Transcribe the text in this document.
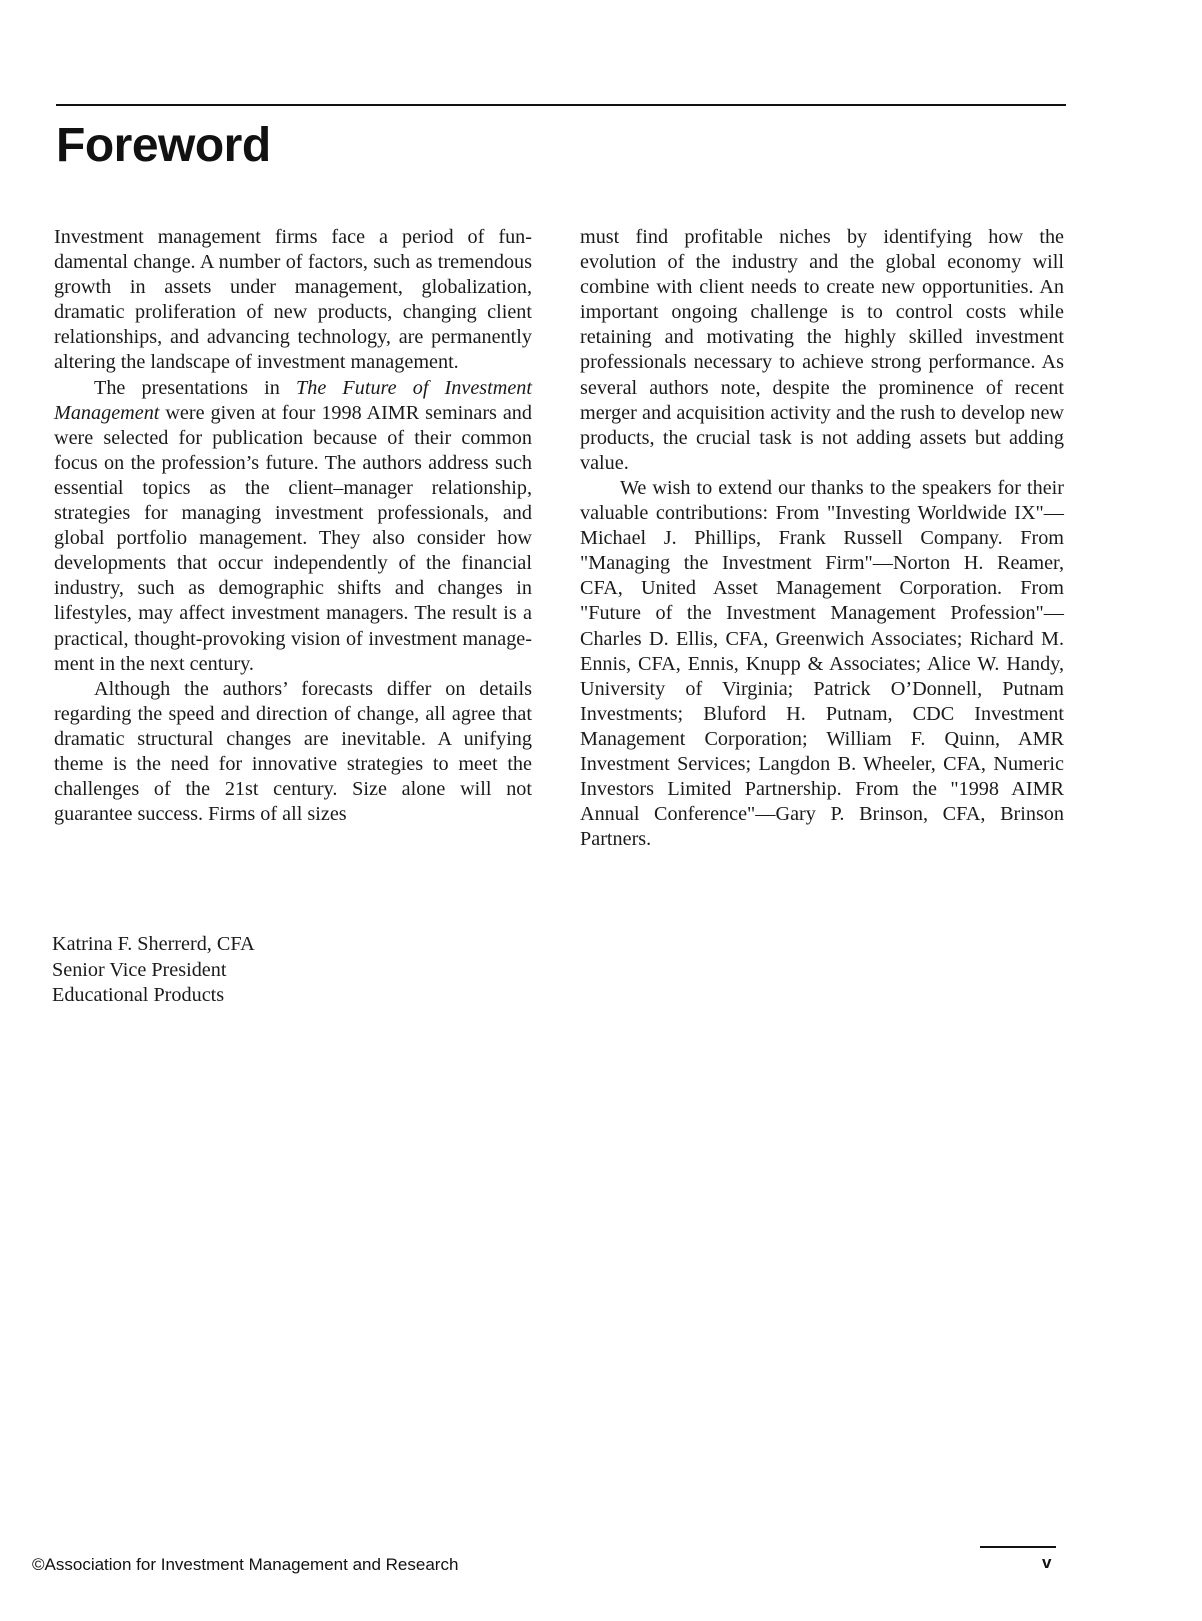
Foreword

Investment management firms face a period of fundamental change. A number of factors, such as tremendous growth in assets under management, globalization, dramatic proliferation of new products, changing client relationships, and advancing technology, are permanently altering the landscape of investment management.

The presentations in The Future of Investment Management were given at four 1998 AIMR seminars and were selected for publication because of their common focus on the profession’s future. The authors address such essential topics as the client–manager relationship, strategies for managing investment professionals, and global portfolio management. They also consider how developments that occur independently of the financial industry, such as demographic shifts and changes in lifestyles, may affect investment managers. The result is a practical, thought-provoking vision of investment management in the next century.

Although the authors’ forecasts differ on details regarding the speed and direction of change, all agree that dramatic structural changes are inevitable. A unifying theme is the need for innovative strategies to meet the challenges of the 21st century. Size alone will not guarantee success. Firms of all sizes

must find profitable niches by identifying how the evolution of the industry and the global economy will combine with client needs to create new opportunities. An important ongoing challenge is to control costs while retaining and motivating the highly skilled investment professionals necessary to achieve strong performance. As several authors note, despite the prominence of recent merger and acquisition activity and the rush to develop new products, the crucial task is not adding assets but adding value.

We wish to extend our thanks to the speakers for their valuable contributions: From "Investing Worldwide IX"—Michael J. Phillips, Frank Russell Company. From "Managing the Investment Firm"—Norton H. Reamer, CFA, United Asset Management Corporation. From "Future of the Investment Management Profession"—Charles D. Ellis, CFA, Greenwich Associates; Richard M. Ennis, CFA, Ennis, Knupp & Associates; Alice W. Handy, University of Virginia; Patrick O’Donnell, Putnam Investments; Bluford H. Putnam, CDC Investment Management Corporation; William F. Quinn, AMR Investment Services; Langdon B. Wheeler, CFA, Numeric Investors Limited Partnership. From the "1998 AIMR Annual Conference"—Gary P. Brinson, CFA, Brinson Partners.

Katrina F. Sherrerd, CFA
Senior Vice President
Educational Products
©Association for Investment Management and Research	v
